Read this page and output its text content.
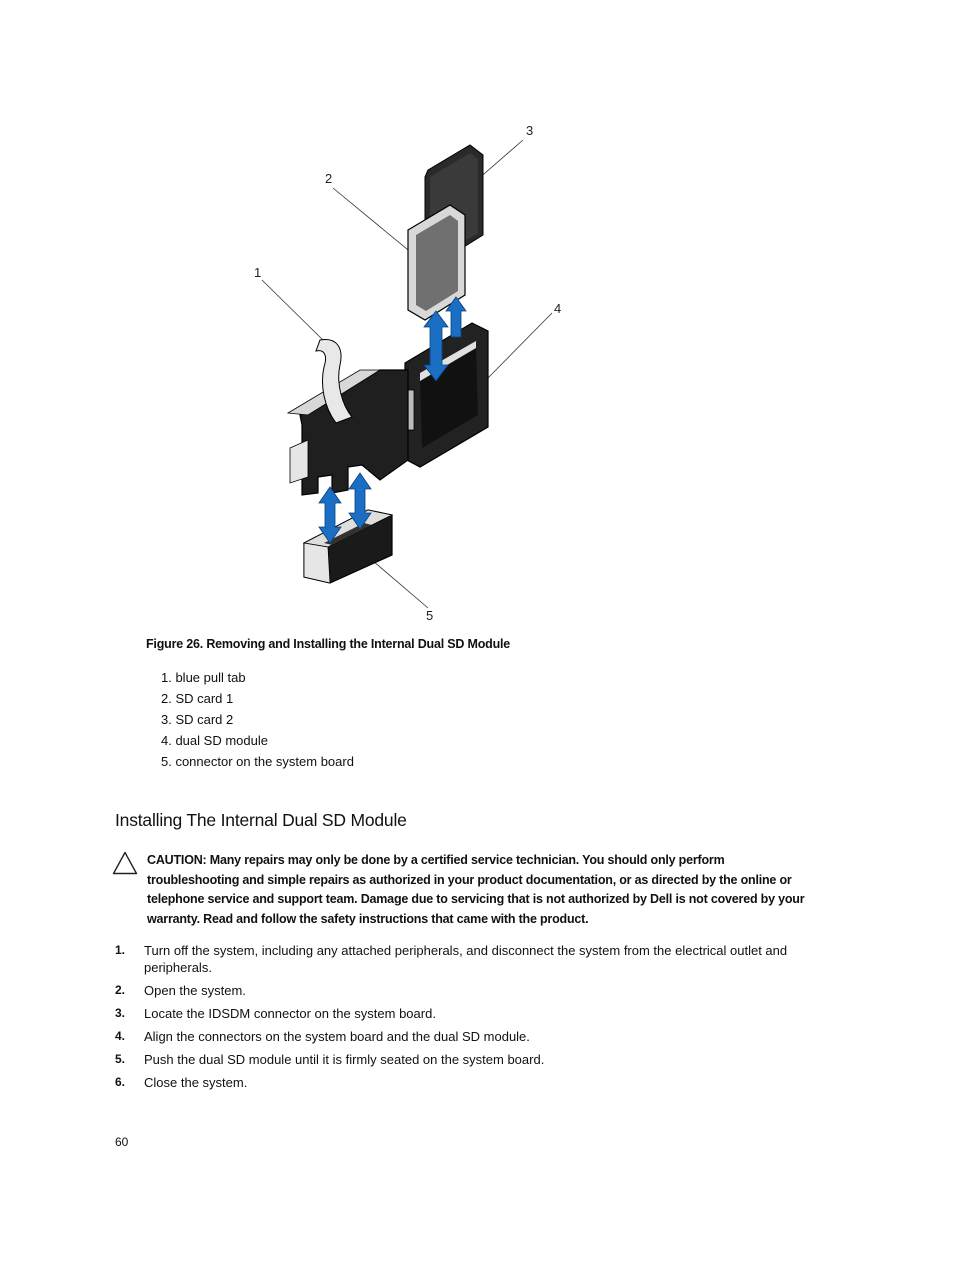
1
2
3
4
5
Figure 26. Removing and Installing the Internal Dual SD Module
1. blue pull tab
2. SD card 1
3. SD card 2
4. dual SD module
5. connector on the system board
Installing The Internal Dual SD Module
CAUTION: Many repairs may only be done by a certified service technician. You should only perform troubleshooting and simple repairs as authorized in your product documentation, or as directed by the online or telephone service and support team. Damage due to servicing that is not authorized by Dell is not covered by your warranty. Read and follow the safety instructions that came with the product.
1. Turn off the system, including any attached peripherals, and disconnect the system from the electrical outlet and peripherals.
2. Open the system.
3. Locate the IDSDM connector on the system board.
4. Align the connectors on the system board and the dual SD module.
5. Push the dual SD module until it is firmly seated on the system board.
6. Close the system.
60
